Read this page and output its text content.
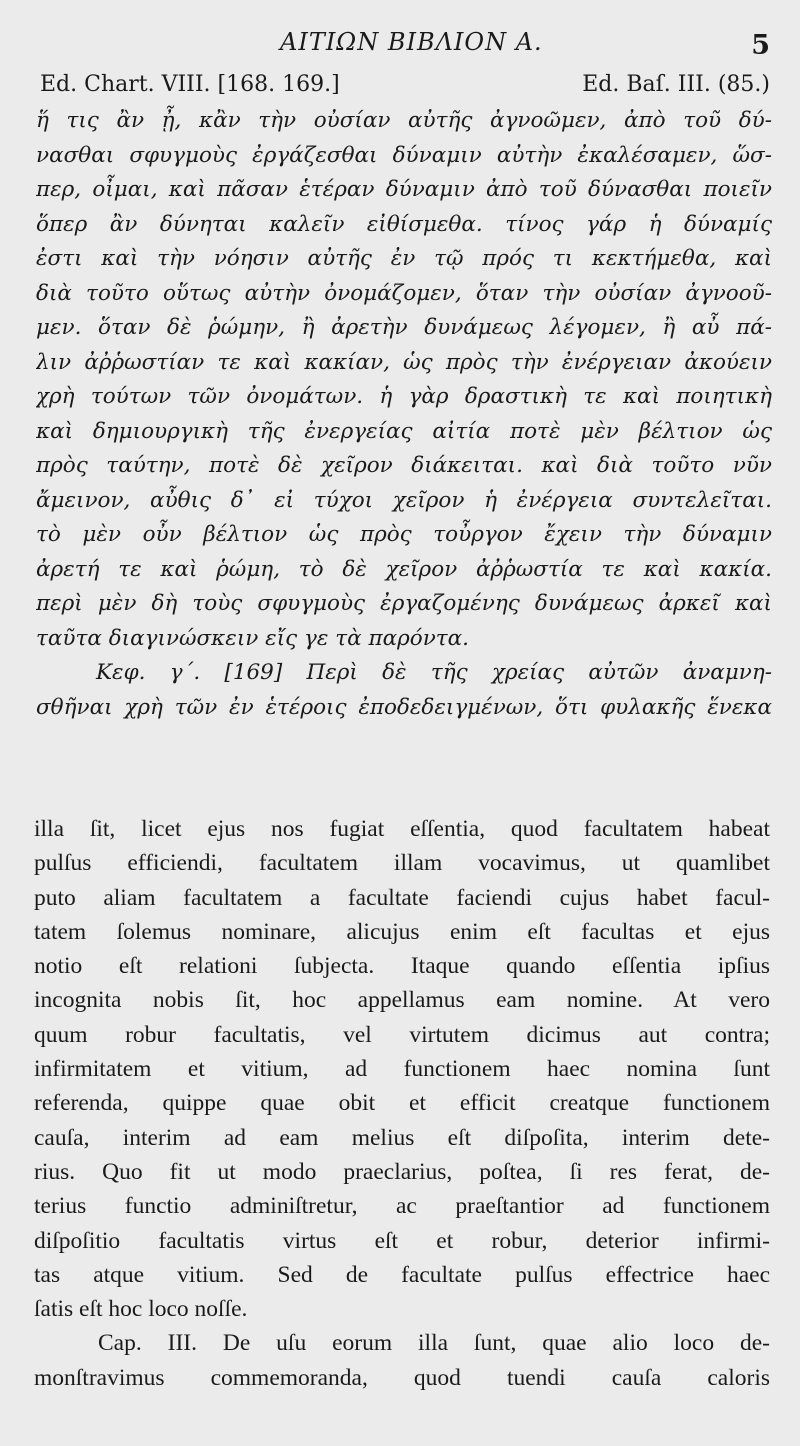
ΑΙΤΙΩΝ ΒΙΒΛΙΟΝ Α.	5
Ed. Chart. VIII. [168. 169.]	Ed. Baſ. III. (85.)
ἥ τις ἂν ᾖ, κἂν τὴν οὐσίαν αὐτῆς ἀγνοῶμεν, ἀπὸ τοῦ δύ-
νασθαι σφυγμοὺς ἐργάζεσθαι δύναμιν αὐτὴν ἐκαλέσαμεν, ὥσ-
περ, οἶμαι, καὶ πᾶσαν ἑτέραν δύναμιν ἀπὸ τοῦ δύνασθαι ποιεῖν
ὅπερ ἂν δύνηται καλεῖν εἰθίσμεθα. τίνος γάρ ἡ δύναμίς
ἐστι καὶ τὴν νόησιν αὐτῆς ἐν τῷ πρός τι κεκτήμεθα, καὶ
διὰ τοῦτο οὕτως αὐτὴν ὀνομάζομεν, ὅταν τὴν οὐσίαν ἀγνοοῦ-
μεν. ὅταν δὲ ῥώμην, ἢ ἀρετὴν δυνάμεως λέγομεν, ἢ αὖ πά-
λιν ἀῤῥωστίαν τε καὶ κακίαν, ὡς πρὸς τὴν ἐνέργειαν ἀκούειν
χρὴ τούτων τῶν ὀνομάτων. ἡ γὰρ δραστικὴ τε καὶ ποιητικὴ
καὶ δημιουργικὴ τῆς ἐνεργείας αἰτία ποτὲ μὲν βέλτιον ὡς
πρὸς ταύτην, ποτὲ δὲ χεῖρον διάκειται. καὶ διὰ τοῦτο νῦν
ἄμεινον, αὖθις δ᾽ εἰ τύχοι χεῖρον ἡ ἐνέργεια συντελεῖται.
τὸ μὲν οὖν βέλτιον ὡς πρὸς τοὖργον ἔχειν τὴν δύναμιν
ἀρετή τε καὶ ῥώμη, τὸ δὲ χεῖρον ἀῤῥωστία τε καὶ κακία.
περὶ μὲν δὴ τοὺς σφυγμοὺς ἐργαζομένης δυνάμεως ἀρκεῖ καὶ
ταῦτα διαγινώσκειν εἴς γε τὰ παρόντα.
Κεφ. γ΄. [169] Περὶ δὲ τῆς χρείας αὐτῶν ἀναμνη-
σθῆναι χρὴ τῶν ἐν ἑτέροις ἐποδεδειγμένων, ὅτι φυλακῆς ἕνεκα
illa ſit, licet ejus nos fugiat eſſentia, quod facultatem habeat
pulſus efficiendi, facultatem illam vocavimus, ut quamlibet
puto aliam facultatem a facultate faciendi cujus habet facul-
tatem ſolemus nominare, alicujus enim eſt facultas et ejus
notio eſt relationi ſubjecta. Itaque quando eſſentia ipſius
incognita nobis ſit, hoc appellamus eam nomine. At vero
quum robur facultatis, vel virtutem dicimus aut contra;
infirmitatem et vitium, ad functionem haec nomina ſunt
referenda, quippe quae obit et efficit creatque functionem
cauſa, interim ad eam melius eſt diſpoſita, interim dete-
rius. Quo fit ut modo praeclarius, poſtea, ſi res ferat, de-
terius functio adminiſtretur, ac praeſtantior ad functionem
diſpoſitio facultatis virtus eſt et robur, deterior infirmi-
tas atque vitium. Sed de facultate pulſus effectrice haec
ſatis eſt hoc loco noſſe.
Cap. III. De uſu eorum illa ſunt, quae alio loco de-
monſtravimus commemoranda, quod tuendi cauſa caloris
